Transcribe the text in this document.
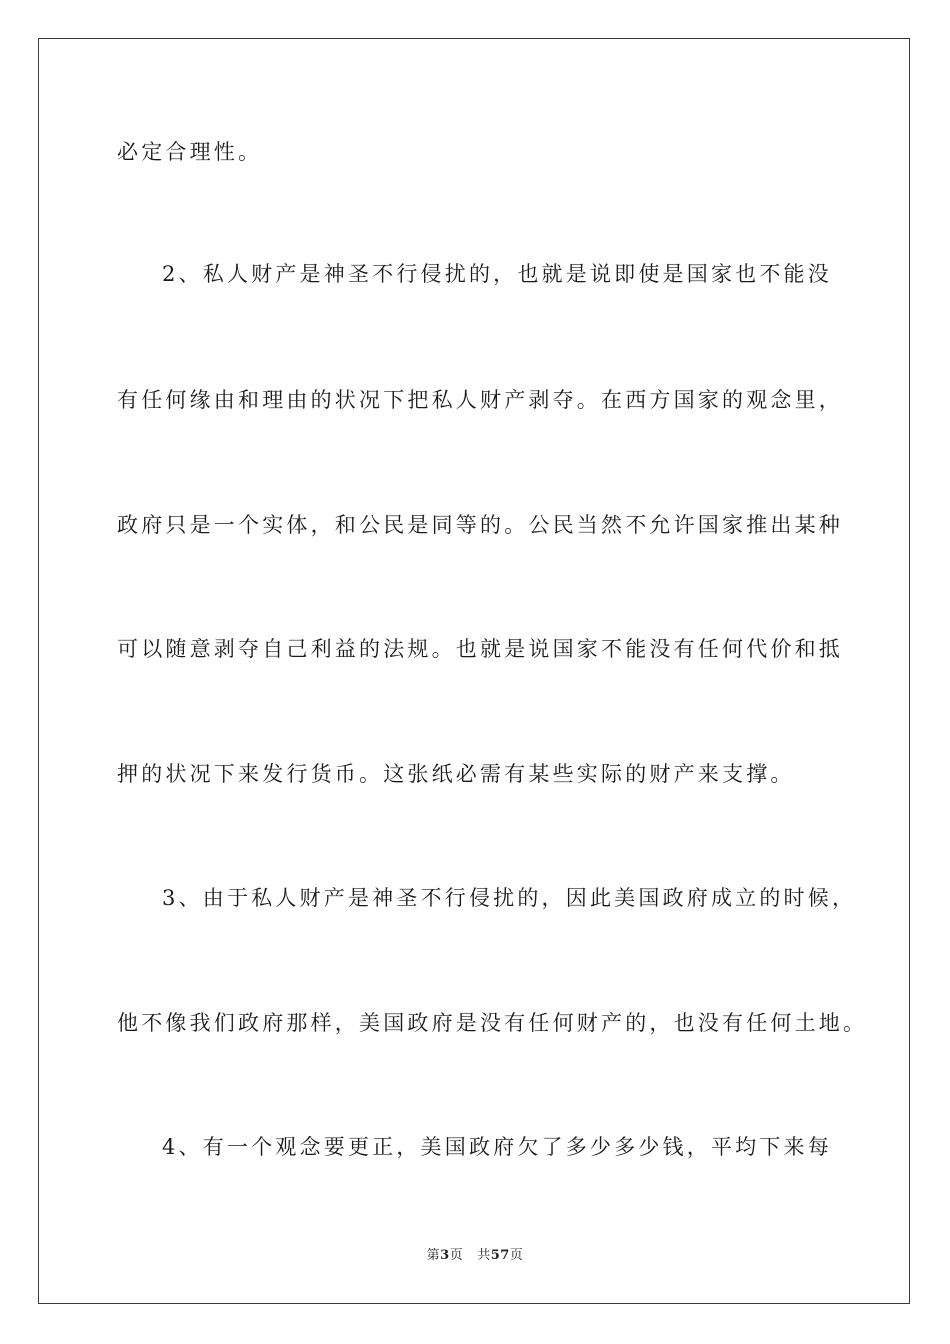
必定合理性。
2、私人财产是神圣不行侵扰的，也就是说即使是国家也不能没
有任何缘由和理由的状况下把私人财产剥夺。在西方国家的观念里，
政府只是一个实体，和公民是同等的。公民当然不允许国家推出某种
可以随意剥夺自己利益的法规。也就是说国家不能没有任何代价和抵
押的状况下来发行货币。这张纸必需有某些实际的财产来支撑。
3、由于私人财产是神圣不行侵扰的，因此美国政府成立的时候，
他不像我们政府那样，美国政府是没有任何财产的，也没有任何土地。
4、有一个观念要更正，美国政府欠了多少多少钱，平均下来每
第3页 共57页
